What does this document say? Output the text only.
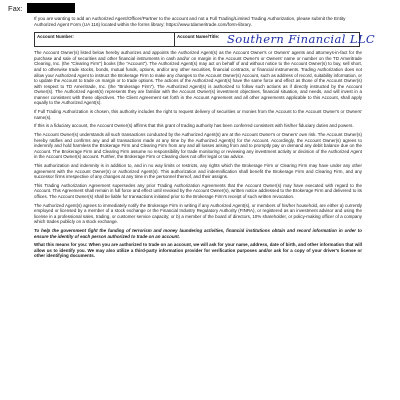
Fax:

If you are wanting to add an Authorized Agent/Officer/Partner to the account and not a Full Trading/Limited Trading Authorization, please submit the Entity Authorized Agent Form (UA 116) located within the forms library: https://www.tdameritrade.com/form-library.

Account Number:	Account Name/Title: Southern Financial LLC

The Account Owner(s) listed below hereby authorizes and appoints the Authorized Agent(s) as the Account Owner's or Owners' agents and attorneys-in-fact for the purchase and sale of securities and other financial instruments in cash and/or on margin in the Account Owner's or Owners' name or number on the TD Ameritrade Clearing, Inc. (the "Clearing Firm") books (the "Account"). The Authorized Agent(s) may act on behalf of and without notice to the Account Owner(s) to buy, sell short, and to otherwise trade stocks, bonds, mutual funds, options, and/or any other securities, financial contracts, or financial instruments. Trading Authorization does not allow your Authorized Agent to instruct the Brokerage Firm to make any changes to the Account Owner(s) Account, such as address of record, suitability information, or to update the Account to trade on margin or to trade options. The actions of the Authorized Agent(s) have the same force and effect as those of the Account Owner(s) with respect to TD Ameritrade, Inc. (the "Brokerage Firm"). The Authorized Agent(s) is authorized to follow such actions as if directly instructed by the Account Owner(s). The Authorized Agent(s) represents they are familiar with the Account Owner(s) investment objectives, financial situation, and needs, and will invest in a manner consistent with these objectives. The Client Agreement set forth in the Account Agreement and all other agreements applicable to this Account, shall apply equally to the Authorized Agent(s).

If Full Trading Authorization is chosen, this authority includes the right to request delivery of securities or monies from the Account to the Account Owner's or Owners' name(s).

If this is a fiduciary account, the Account Owner(s) affirms that this grant of trading authority has been conferred consistent with his/her fiduciary duties and powers.

The Account Owner(s) understands all such transactions conducted by the Authorized Agent(s) are at the Account Owner's or Owners' own risk. The Account Owner(s) hereby ratifies and confirms any and all transactions made at any time by the Authorized Agent(s) for the Account. Accordingly, the Account Owner(s) agrees to indemnify and hold harmless the Brokerage Firm and Clearing Firm from any and all losses arising from and to promptly pay on demand any debit balance due on the Account. The Brokerage Firm and Clearing Firm assume no responsibility for trade monitoring or reviewing any investment activity or decision of the Authorized Agent in the Account Owner(s) account. Further, the Brokerage Firm or Clearing does not offer legal or tax advice.

This authorization and indemnity is in addition to, and in no way limits or restricts, any rights which the Brokerage Firm or Clearing Firm may have under any other agreement with the Account Owner(s) or Authorized Agent(s). This authorization and indemnification shall benefit the Brokerage Firm and Clearing Firm, and any successor firms irrespective of any changes at any time in the personnel thereof, and their assigns.

This Trading Authorization Agreement supersedes any prior Trading Authorization Agreements that the Account Owner(s) may have executed with regard to the Account. This Agreement shall remain in full force and effect until revoked by the Account Owner(s), written notice addressed to the Brokerage Firm and delivered to its offices. The Account Owner(s) shall be liable for transactions initiated prior to the Brokerage Firm's receipt of such written revocation.

The Authorized Agent(s) agrees to immediately notify the Brokerage Firm in writing if any Authorized Agent(s), or members of his/her household, are either a) currently employed or licensed by a member of a stock exchange or the Financial Industry Regulatory Authority (FINRA), or registered as an investment advisor and using the license in a professional sales, trading, or customer service capacity; or b) a member of the board of directors, 10% shareholder, or policy-making officer of a company which trades publicly on a stock exchange.

To help the government fight the funding of terrorism and money laundering activities, financial institutions obtain and record information in order to ensure the identity of each person authorized to trade on an account.

What this means for you: When you are authorized to trade on an account, we will ask for your name, address, date of birth, and other information that will allow us to identify you. We may also utilize a third-party information provider for verification purposes and/or ask for a copy of your driver's license or other identifying documents.
